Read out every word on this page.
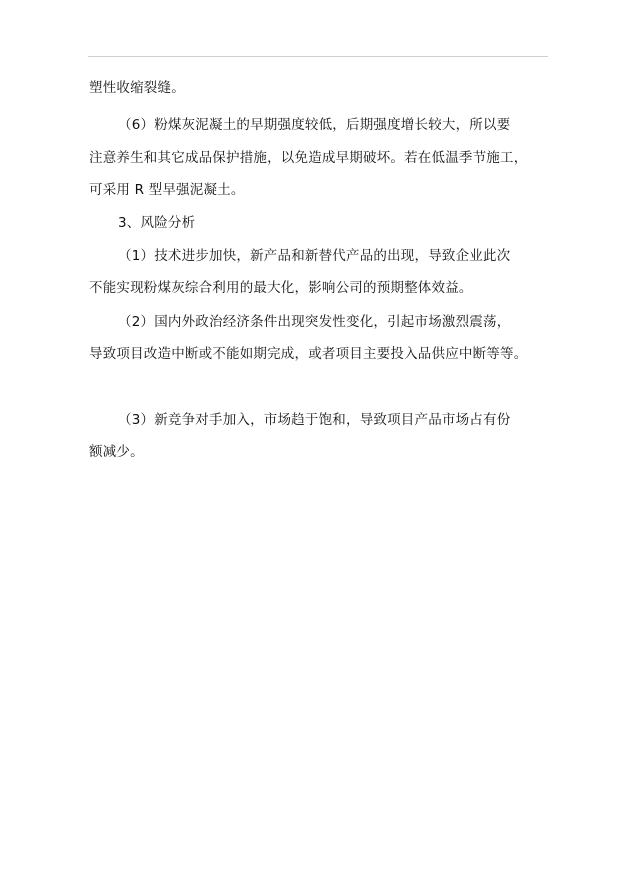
塑性收缩裂缝。
（6）粉煤灰泥凝土的早期强度较低，后期强度增长较大，所以要
注意养生和其它成品保护措施，以免造成早期破坏。若在低温季节施工，
可采用 R 型早强泥凝土。
3、风险分析
（1）技术进步加快，新产品和新替代产品的出现，导致企业此次
不能实现粉煤灰综合利用的最大化，影响公司的预期整体效益。
（2）国内外政治经济条件出现突发性变化，引起市场激烈震荡，
导致项目改造中断或不能如期完成，或者项目主要投入品供应中断等等。
（3）新竞争对手加入，市场趋于饱和，导致项目产品市场占有份
额减少。
